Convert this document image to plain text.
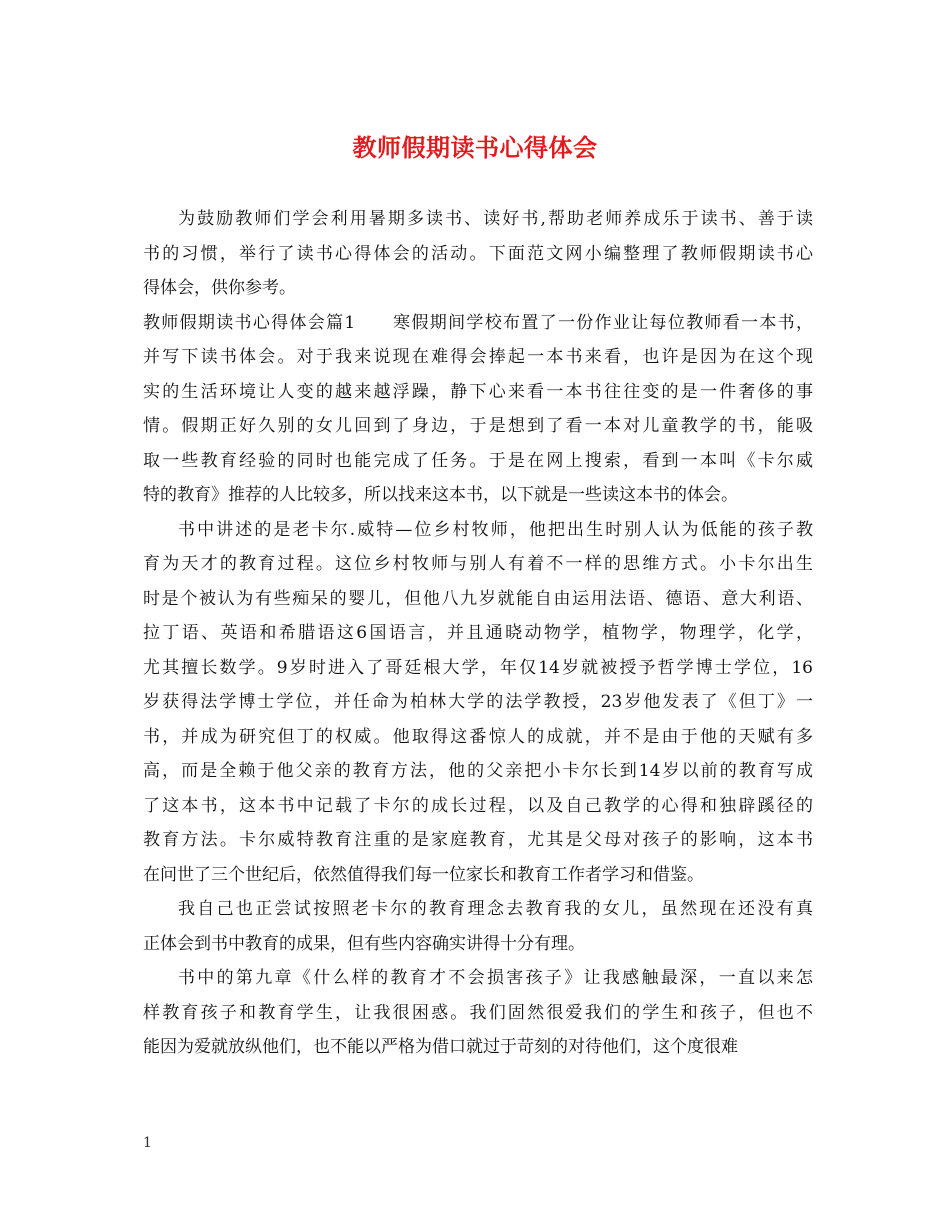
教师假期读书心得体会
为鼓励教师们学会利用暑期多读书、读好书,帮助老师养成乐于读书、善于读
书的习惯，举行了读书心得体会的活动。下面范文网小编整理了教师假期读书心
得体会，供你参考。
教师假期读书心得体会篇1　　寒假期间学校布置了一份作业让每位教师看一本书，
并写下读书体会。对于我来说现在难得会捧起一本书来看，也许是因为在这个现
实的生活环境让人变的越来越浮躁，静下心来看一本书往往变的是一件奢侈的事
情。假期正好久别的女儿回到了身边，于是想到了看一本对儿童教学的书，能吸
取一些教育经验的同时也能完成了任务。于是在网上搜索，看到一本叫《卡尔威
特的教育》推荐的人比较多，所以找来这本书，以下就是一些读这本书的体会。
书中讲述的是老卡尔.威特—位乡村牧师，他把出生时别人认为低能的孩子教
育为天才的教育过程。这位乡村牧师与别人有着不一样的思维方式。小卡尔出生
时是个被认为有些痴呆的婴儿，但他八九岁就能自由运用法语、德语、意大利语、
拉丁语、英语和希腊语这6国语言，并且通晓动物学，植物学，物理学，化学，
尤其擅长数学。9岁时进入了哥廷根大学，年仅14岁就被授予哲学博士学位，16
岁获得法学博士学位，并任命为柏林大学的法学教授，23岁他发表了《但丁》一
书，并成为研究但丁的权威。他取得这番惊人的成就，并不是由于他的天赋有多
高，而是全赖于他父亲的教育方法，他的父亲把小卡尔长到14岁以前的教育写成
了这本书，这本书中记载了卡尔的成长过程，以及自己教学的心得和独辟蹊径的
教育方法。卡尔威特教育注重的是家庭教育，尤其是父母对孩子的影响，这本书
在问世了三个世纪后，依然值得我们每一位家长和教育工作者学习和借鉴。
我自己也正尝试按照老卡尔的教育理念去教育我的女儿，虽然现在还没有真
正体会到书中教育的成果，但有些内容确实讲得十分有理。
书中的第九章《什么样的教育才不会损害孩子》让我感触最深，一直以来怎
样教育孩子和教育学生，让我很困惑。我们固然很爱我们的学生和孩子，但也不
能因为爱就放纵他们，也不能以严格为借口就过于苛刻的对待他们，这个度很难
1
